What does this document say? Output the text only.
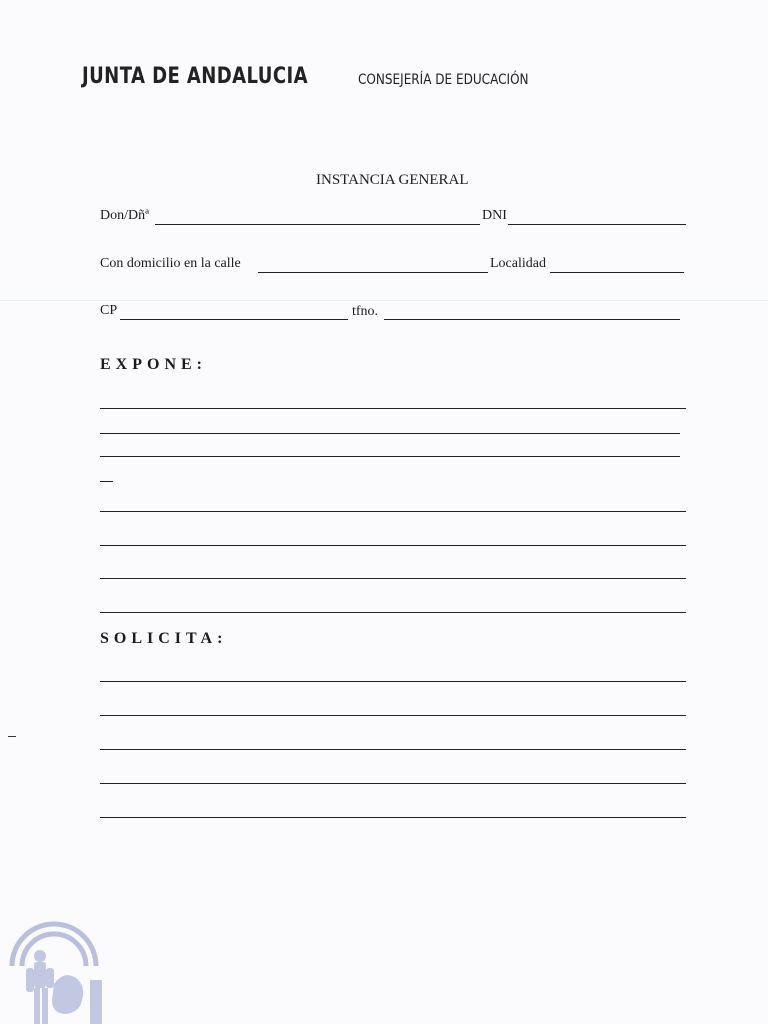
JUNTA DE ANDALUCIA	CONSEJERÍA DE EDUCACIÓN
INSTANCIA GENERAL
Don/Dñª	DNI
Con domicilio en la calle	Localidad
CP	tfno.
EXPONE:
SOLICITA:
